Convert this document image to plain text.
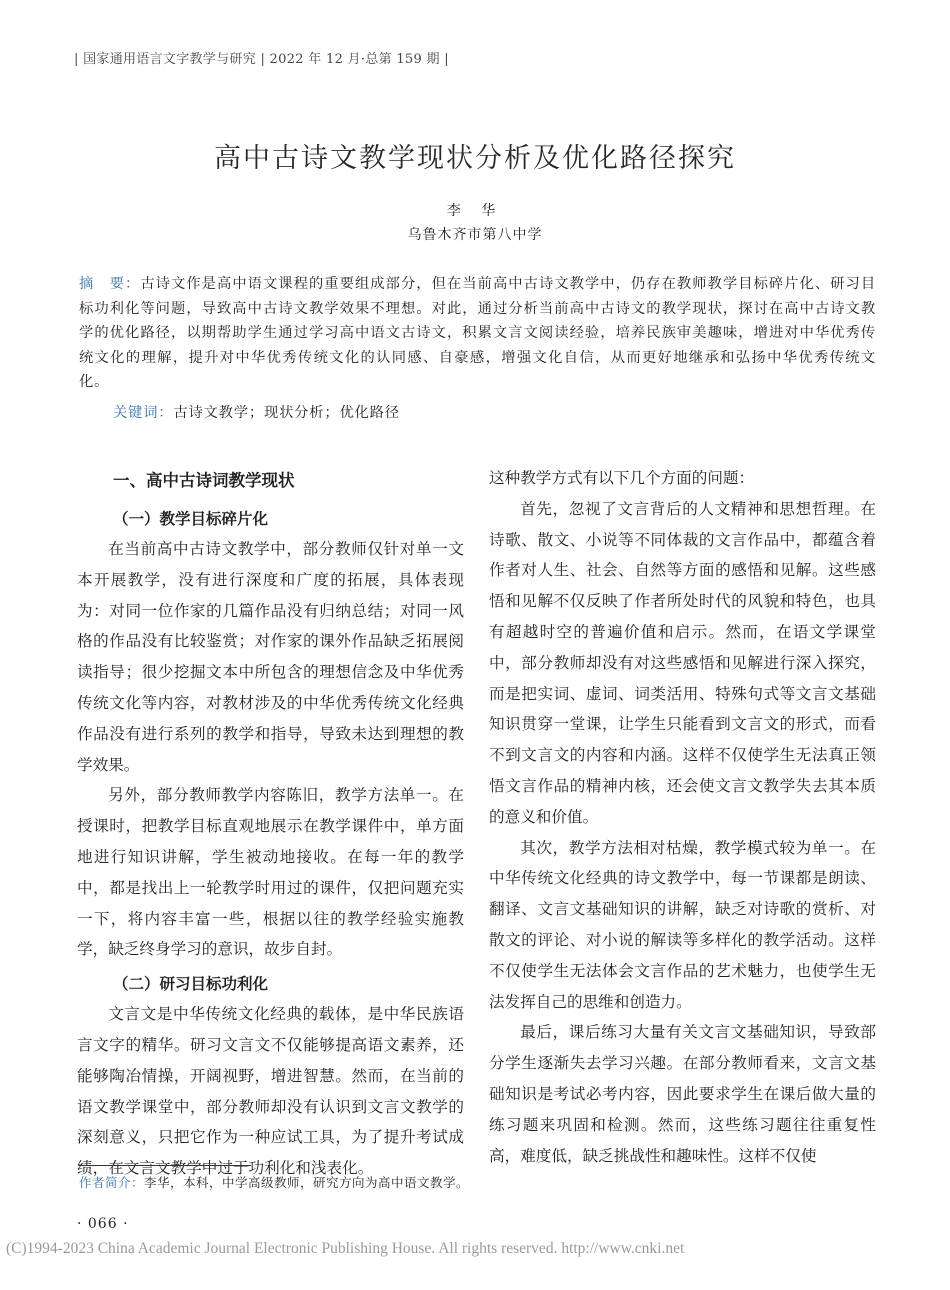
| 国家通用语言文字教学与研究 | 2022 年 12 月·总第 159 期 |
高中古诗文教学现状分析及优化路径探究
李 华
乌鲁木齐市第八中学

摘　要：古诗文作是高中语文课程的重要组成部分，但在当前高中古诗文教学中，仍存在教师教学目标碎片化、研习目标功利化等问题，导致高中古诗文教学效果不理想。对此，通过分析当前高中古诗文的教学现状，探讨在高中古诗文教学的优化路径，以期帮助学生通过学习高中语文古诗文，积累文言文阅读经验，培养民族审美趣味，增进对中华优秀传统文化的理解，提升对中华优秀传统文化的认同感、自豪感，增强文化自信，从而更好地继承和弘扬中华优秀传统文化。

关键词：古诗文教学；现状分析；优化路径

一、高中古诗词教学现状
（一）教学目标碎片化

在当前高中古诗文教学中，部分教师仅针对单一文本开展教学，没有进行深度和广度的拓展，具体表现为：对同一位作家的几篇作品没有归纳总结；对同一风格的作品没有比较鉴赏；对作家的课外作品缺乏拓展阅读指导；很少挖掘文本中所包含的理想信念及中华优秀传统文化等内容，对教材涉及的中华优秀传统文化经典作品没有进行系列的教学和指导，导致未达到理想的教学效果。

另外，部分教师教学内容陈旧，教学方法单一。在授课时，把教学目标直观地展示在教学课件中，单方面地进行知识讲解，学生被动地接收。在每一年的教学中，都是找出上一轮教学时用过的课件，仅把问题充实一下，将内容丰富一些，根据以往的教学经验实施教学，缺乏终身学习的意识，故步自封。

（二）研习目标功利化

文言文是中华传统文化经典的载体，是中华民族语言文字的精华。研习文言文不仅能够提高语文素养，还能够陶冶情操，开阔视野，增进智慧。然而，在当前的语文教学课堂中，部分教师却没有认识到文言文教学的深刻意义，只把它作为一种应试工具，为了提升考试成绩，在文言文教学中过于功利化和浅表化。

这种教学方式有以下几个方面的问题：

首先，忽视了文言背后的人文精神和思想哲理。在诗歌、散文、小说等不同体裁的文言作品中，都蕴含着作者对人生、社会、自然等方面的感悟和见解。这些感悟和见解不仅反映了作者所处时代的风貌和特色，也具有超越时空的普遍价值和启示。然而，在语文学课堂中，部分教师却没有对这些感悟和见解进行深入探究，而是把实词、虚词、词类活用、特殊句式等文言文基础知识贯穿一堂课，让学生只能看到文言文的形式，而看不到文言文的内容和内涵。这样不仅使学生无法真正领悟文言作品的精神内核，还会使文言文教学失去其本质的意义和价值。

其次，教学方法相对枯燥，教学模式较为单一。在中华传统文化经典的诗文教学中，每一节课都是朗读、翻译、文言文基础知识的讲解，缺乏对诗歌的赏析、对散文的评论、对小说的解读等多样化的教学活动。这样不仅使学生无法体会文言作品的艺术魅力，也使学生无法发挥自己的思维和创造力。

最后，课后练习大量有关文言文基础知识，导致部分学生逐渐失去学习兴趣。在部分教师看来，文言文基础知识是考试必考内容，因此要求学生在课后做大量的练习题来巩固和检测。然而，这些练习题往往重复性高，难度低，缺乏挑战性和趣味性。这样不仅使

作者简介：李华，本科，中学高级教师，研究方向为高中语文教学。
· 066 ·
(C)1994-2023 China Academic Journal Electronic Publishing House. All rights reserved. http://www.cnki.net
